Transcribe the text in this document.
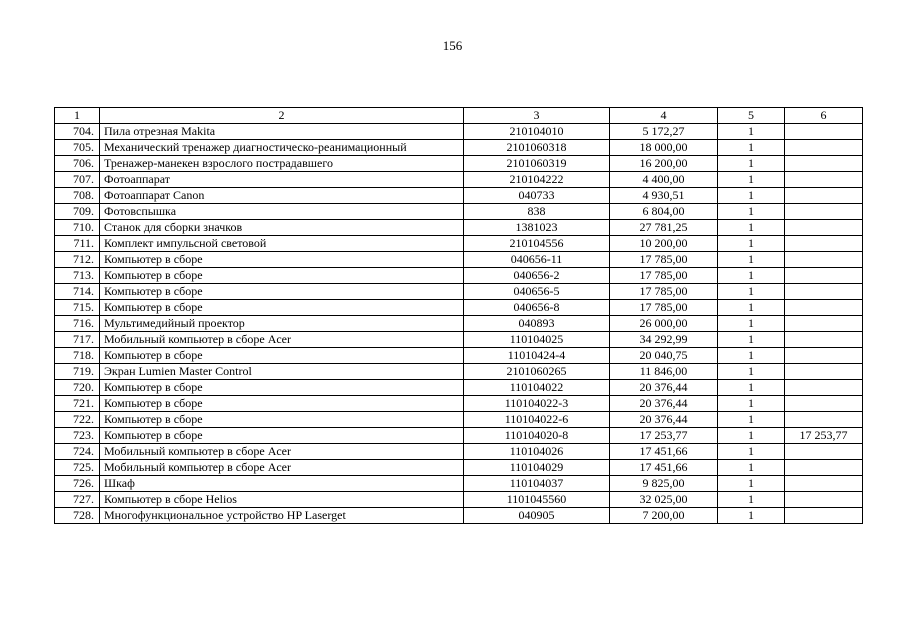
156
1	2	3	4	5	6
704.	Пила отрезная Makita	210104010	5 172,27	1	
705.	Механический тренажер диагностическо-реанимационный	2101060318	18 000,00	1	
706.	Тренажер-манекен взрослого пострадавшего	2101060319	16 200,00	1	
707.	Фотоаппарат	210104222	4 400,00	1	
708.	Фотоаппарат Canon	040733	4 930,51	1	
709.	Фотовспышка	838	6 804,00	1	
710.	Станок для сборки значков	1381023	27 781,25	1	
711.	Комплект импульсной световой	210104556	10 200,00	1	
712.	Компьютер в сборе	040656-11	17 785,00	1	
713.	Компьютер в сборе	040656-2	17 785,00	1	
714.	Компьютер в сборе	040656-5	17 785,00	1	
715.	Компьютер в сборе	040656-8	17 785,00	1	
716.	Мультимедийный проектор	040893	26 000,00	1	
717.	Мобильный компьютер в сборе Acer	110104025	34 292,99	1	
718.	Компьютер в сборе	11010424-4	20 040,75	1	
719.	Экран Lumien Master Control	2101060265	11 846,00	1	
720.	Компьютер в сборе	110104022	20 376,44	1	
721.	Компьютер в сборе	110104022-3	20 376,44	1	
722.	Компьютер в сборе	110104022-6	20 376,44	1	
723.	Компьютер в сборе	110104020-8	17 253,77	1	17 253,77
724.	Мобильный компьютер в сборе Acer	110104026	17 451,66	1	
725.	Мобильный компьютер в сборе Acer	110104029	17 451,66	1	
726.	Шкаф	110104037	9 825,00	1	
727.	Компьютер в сборе Helios	1101045560	32 025,00	1	
728.	Многофункциональное устройство HP Laserget	040905	7 200,00	1	
